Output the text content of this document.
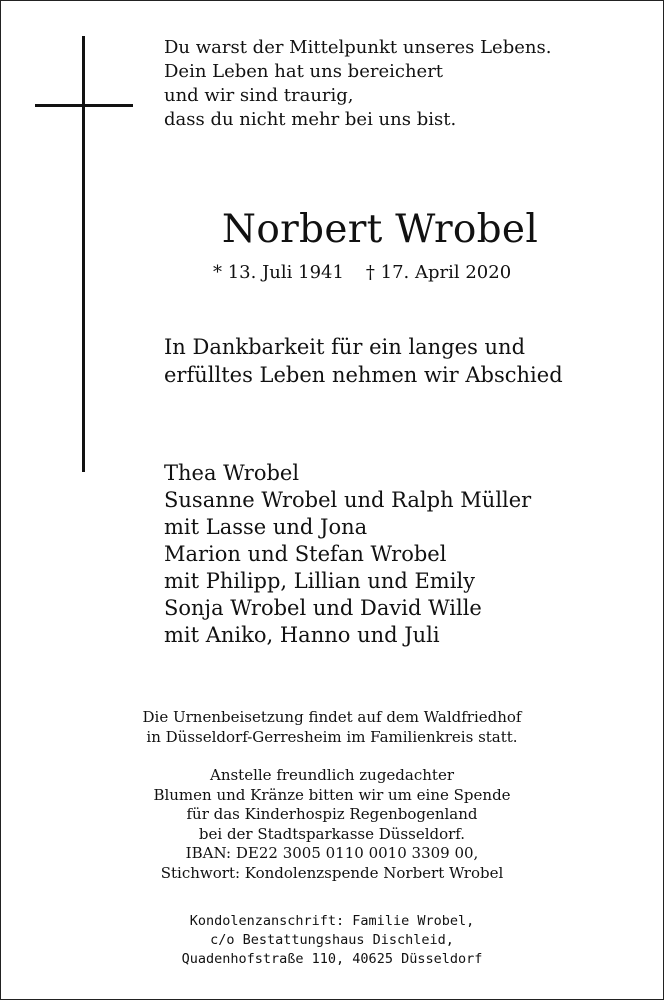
Du warst der Mittelpunkt unseres Lebens.
Dein Leben hat uns bereichert
und wir sind traurig,
dass du nicht mehr bei uns bist.
Norbert Wrobel
* 13. Juli 1941 † 17. April 2020
In Dankbarkeit für ein langes und
erfülltes Leben nehmen wir Abschied
Thea Wrobel
Susanne Wrobel und Ralph Müller
mit Lasse und Jona
Marion und Stefan Wrobel
mit Philipp, Lillian und Emily
Sonja Wrobel und David Wille
mit Aniko, Hanno und Juli
Die Urnenbeisetzung findet auf dem Waldfriedhof
in Düsseldorf-Gerresheim im Familienkreis statt.
Anstelle freundlich zugedachter
Blumen und Kränze bitten wir um eine Spende
für das Kinderhospiz Regenbogenland
bei der Stadtsparkasse Düsseldorf.
IBAN: DE22 3005 0110 0010 3309 00,
Stichwort: Kondolenzspende Norbert Wrobel
Kondolenzanschrift: Familie Wrobel,
c/o Bestattungshaus Dischleid,
Quadenhofstraße 110, 40625 Düsseldorf
